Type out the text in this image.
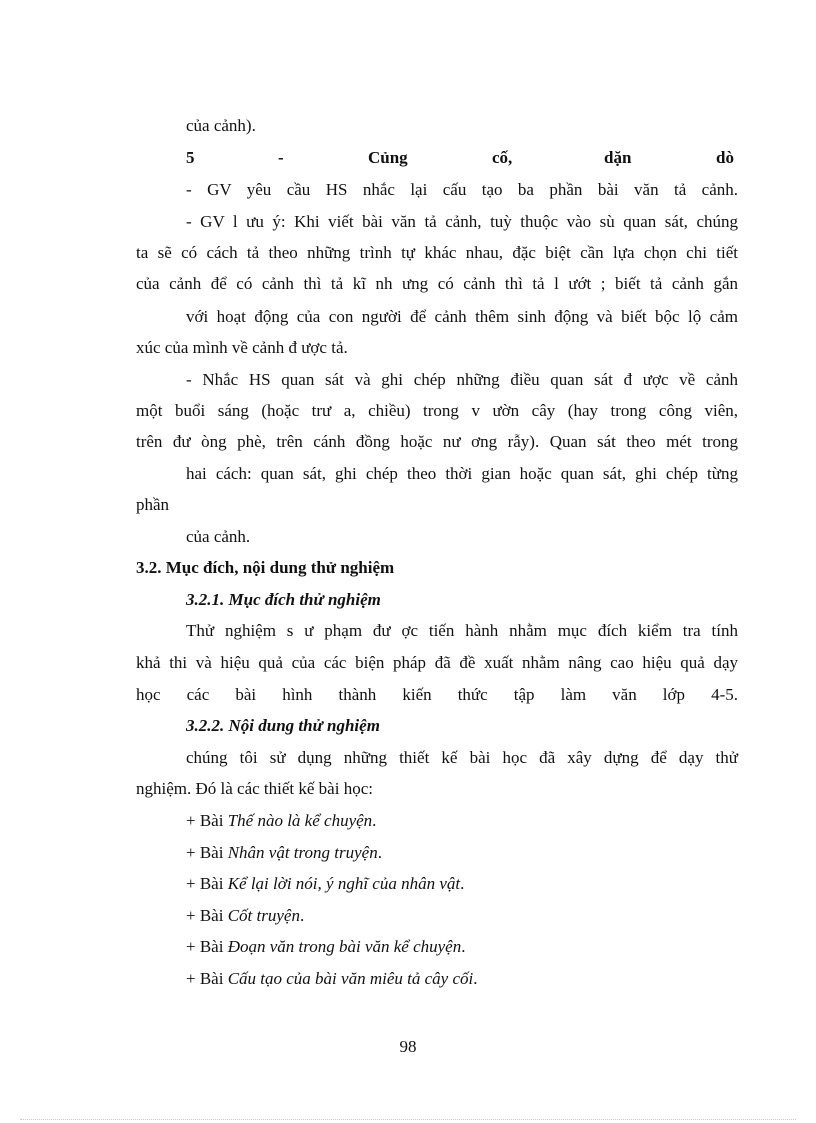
của cảnh).
5	-	Củng	cố,	dặn	dò
- GV yêu cầu HS nhắc lại cấu tạo ba phần bài văn tả cảnh.
- GV l ưu ý: Khi viết bài văn tả cảnh, tuỳ thuộc vào sù quan sát, chúng
ta sẽ có cách tả theo những trình tự khác nhau, đặc biệt cần lựa chọn chi tiết
của cảnh để có cảnh thì tả kĩ nh ưng có cảnh thì tả l ướt ; biết tả cảnh gắn
với hoạt động của con người để cảnh thêm sinh động và biết bộc lộ cảm
xúc của mình về cảnh đ ược tả.
- Nhắc HS quan sát và ghi chép những điều quan sát đ ược về cảnh
một buổi sáng (hoặc trư a, chiều) trong v ườn cây (hay trong công viên,
trên đư òng phè, trên cánh đồng hoặc nư ơng rẫy). Quan sát theo mét trong
hai cách: quan sát, ghi chép theo thời gian hoặc quan sát, ghi chép từng
phần
của cảnh.
3.2. Mục đích, nội dung thử nghiệm
3.2.1. Mục đích thử nghiệm
Thử nghiệm s ư phạm đư ợc tiến hành nhằm mục đích kiểm tra tính
khả thi và hiệu quả của các biện pháp đã đề xuất nhằm nâng cao hiệu quả dạy
học các bài hình thành kiến thức tập làm văn lớp 4-5.
3.2.2. Nội dung thử nghiệm
chúng tôi sử dụng những thiết kế bài học đã xây dựng để dạy thử
nghiệm. Đó là các thiết kế bài học:
+ Bài Thế nào là kể chuyện.
+ Bài Nhân vật trong truyện.
+ Bài Kể lại lời nói, ý nghĩ của nhân vật.
+ Bài Cốt truyện.
+ Bài Đoạn văn trong bài văn kể chuyện.
+ Bài Cấu tạo của bài văn miêu tả cây cối.
98
